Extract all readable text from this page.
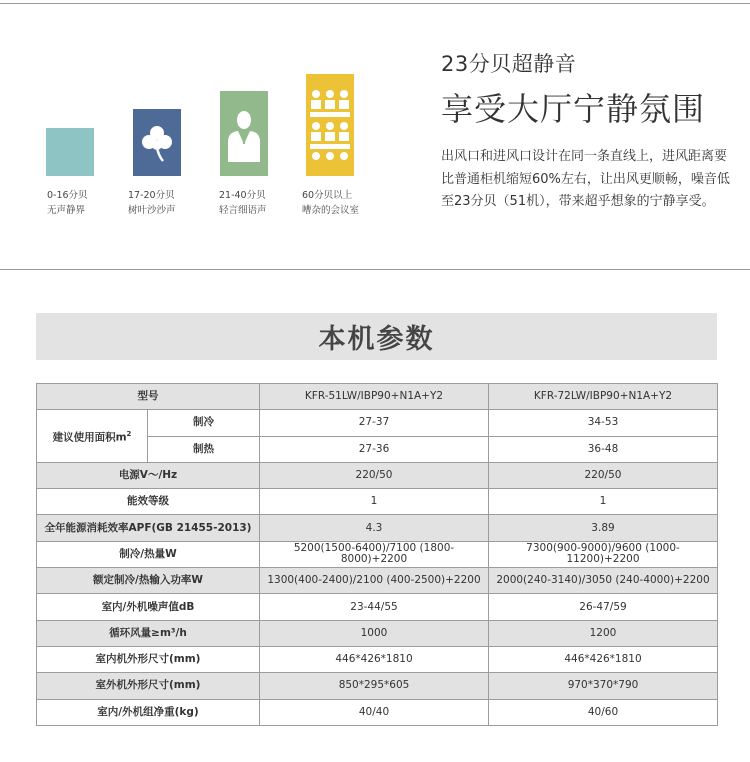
0-16分贝
无声静界
17-20分贝
树叶沙沙声
21-40分贝
轻言细语声
60分贝以上
嘈杂的会议室
23分贝超静音
享受大厅宁静氛围
出风口和进风口设计在同一条直线上，进风距离要比普通柜机缩短60%左右，让出风更顺畅，噪音低至23分贝（51机），带来超乎想象的宁静享受。
本机参数
型号		KFR-51LW/IBP90+N1A+Y2	KFR-72LW/IBP90+N1A+Y2
建议使用面积$m^2$	制冷	27-37	34-53
	制热	27-36	36-48
电源V～/Hz		220/50	220/50
能效等级		1	1
全年能源消耗效率APF(GB 21455-2013)		4.3	3.89
制冷/热量W		5200(1500-6400)/7100 (1800-8000)+2200	7300(900-9000)/9600 (1000-11200)+2200
额定制冷/热输入功率W		1300(400-2400)/2100 (400-2500)+2200	2000(240-3140)/3050 (240-4000)+2200
室内/外机噪声值dB		23-44/55	26-47/59
循环风量≥m³/h		1000	1200
室内机外形尺寸(mm)		446*426*1810	446*426*1810
室外机外形尺寸(mm)		850*295*605	970*370*790
室内/外机组净重(kg)		40/40	40/60
